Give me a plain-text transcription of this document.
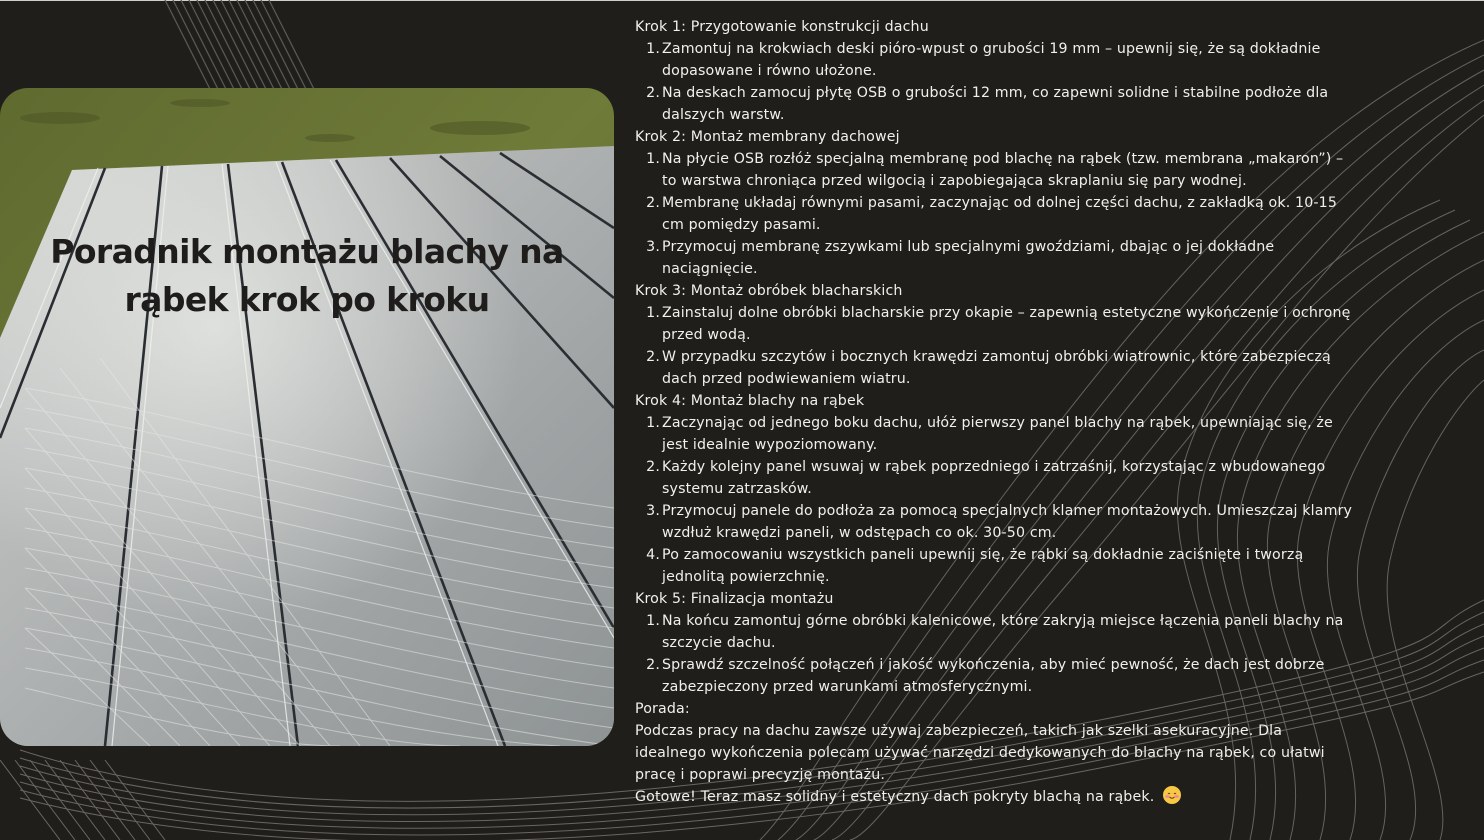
Poradnik montażu blachy na rąbek krok po kroku

Krok 1: Przygotowanie konstrukcji dachu

1. Zamontuj na krokwiach deski pióro-wpust o grubości 19 mm – upewnij się, że są dokładnie
dopasowane i równo ułożone.
2. Na deskach zamocuj płytę OSB o grubości 12 mm, co zapewni solidne i stabilne podłoże dla
dalszych warstw.

Krok 2: Montaż membrany dachowej

1. Na płycie OSB rozłóż specjalną membranę pod blachę na rąbek (tzw. membrana „makaron”) –
to warstwa chroniąca przed wilgocią i zapobiegająca skraplaniu się pary wodnej.
2. Membranę układaj równymi pasami, zaczynając od dolnej części dachu, z zakładką ok. 10-15
cm pomiędzy pasami.
3. Przymocuj membranę zszywkami lub specjalnymi gwoździami, dbając o jej dokładne
naciągnięcie.

Krok 3: Montaż obróbek blacharskich

1. Zainstaluj dolne obróbki blacharskie przy okapie – zapewnią estetyczne wykończenie i ochronę
przed wodą.
2. W przypadku szczytów i bocznych krawędzi zamontuj obróbki wiatrownic, które zabezpieczą
dach przed podwiewaniem wiatru.

Krok 4: Montaż blachy na rąbek

1. Zaczynając od jednego boku dachu, ułóż pierwszy panel blachy na rąbek, upewniając się, że
jest idealnie wypoziomowany.
2. Każdy kolejny panel wsuwaj w rąbek poprzedniego i zatrzaśnij, korzystając z wbudowanego
systemu zatrzasków.
3. Przymocuj panele do podłoża za pomocą specjalnych klamer montażowych. Umieszczaj klamry
wzdłuż krawędzi paneli, w odstępach co ok. 30-50 cm.
4. Po zamocowaniu wszystkich paneli upewnij się, że rąbki są dokładnie zaciśnięte i tworzą
jednolitą powierzchnię.

Krok 5: Finalizacja montażu

1. Na końcu zamontuj górne obróbki kalenicowe, które zakryją miejsce łączenia paneli blachy na
szczycie dachu.
2. Sprawdź szczelność połączeń i jakość wykończenia, aby mieć pewność, że dach jest dobrze
zabezpieczony przed warunkami atmosferycznymi.

Porada:

Podczas pracy na dachu zawsze używaj zabezpieczeń, takich jak szelki asekuracyjne. Dla

idealnego wykończenia polecam używać narzędzi dedykowanych do blachy na rąbek, co ułatwi

pracę i poprawi precyzję montażu.

Gotowe! Teraz masz solidny i estetyczny dach pokryty blachą na rąbek.
